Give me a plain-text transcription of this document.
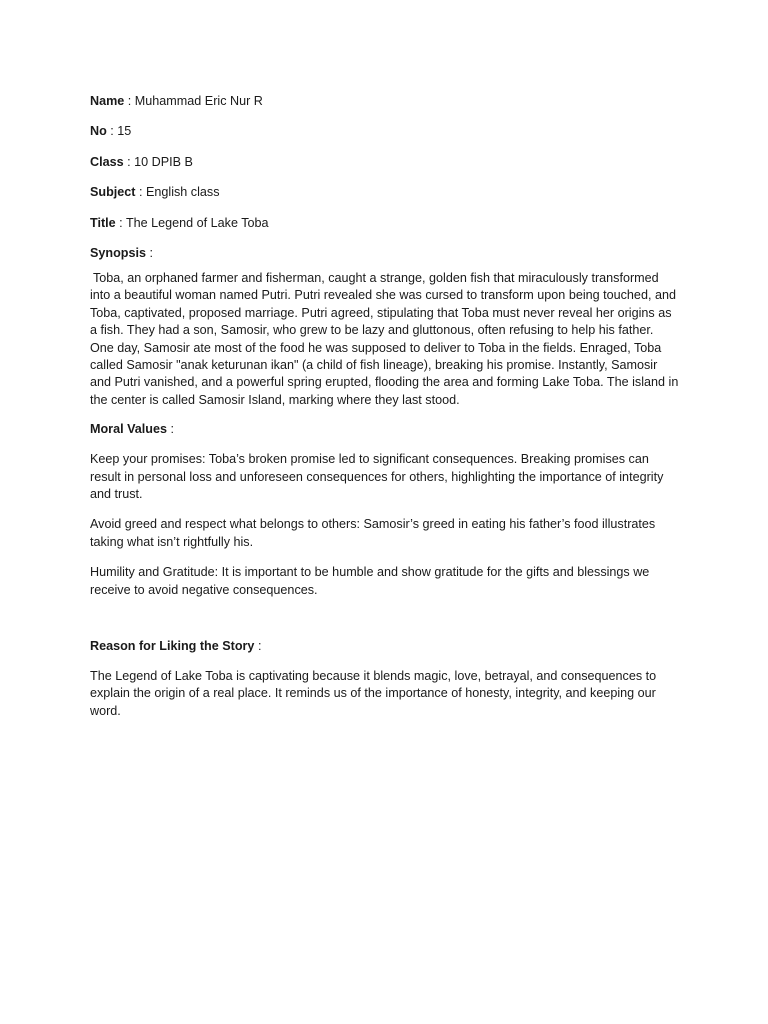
Name : Muhammad Eric Nur R

No : 15

Class : 10 DPIB B

Subject : English class

Title : The Legend of Lake Toba

Synopsis :

Toba, an orphaned farmer and fisherman, caught a strange, golden fish that miraculously transformed into a beautiful woman named Putri. Putri revealed she was cursed to transform upon being touched, and Toba, captivated, proposed marriage. Putri agreed, stipulating that Toba must never reveal her origins as a fish. They had a son, Samosir, who grew to be lazy and gluttonous, often refusing to help his father. One day, Samosir ate most of the food he was supposed to deliver to Toba in the fields. Enraged, Toba called Samosir "anak keturunan ikan" (a child of fish lineage), breaking his promise. Instantly, Samosir and Putri vanished, and a powerful spring erupted, flooding the area and forming Lake Toba. The island in the center is called Samosir Island, marking where they last stood.

Moral Values :

Keep your promises: Toba’s broken promise led to significant consequences. Breaking promises can result in personal loss and unforeseen consequences for others, highlighting the importance of integrity and trust.

Avoid greed and respect what belongs to others: Samosir’s greed in eating his father’s food illustrates taking what isn’t rightfully his.

Humility and Gratitude: It is important to be humble and show gratitude for the gifts and blessings we receive to avoid negative consequences.

Reason for Liking the Story :

The Legend of Lake Toba is captivating because it blends magic, love, betrayal, and consequences to explain the origin of a real place. It reminds us of the importance of honesty, integrity, and keeping our word.
